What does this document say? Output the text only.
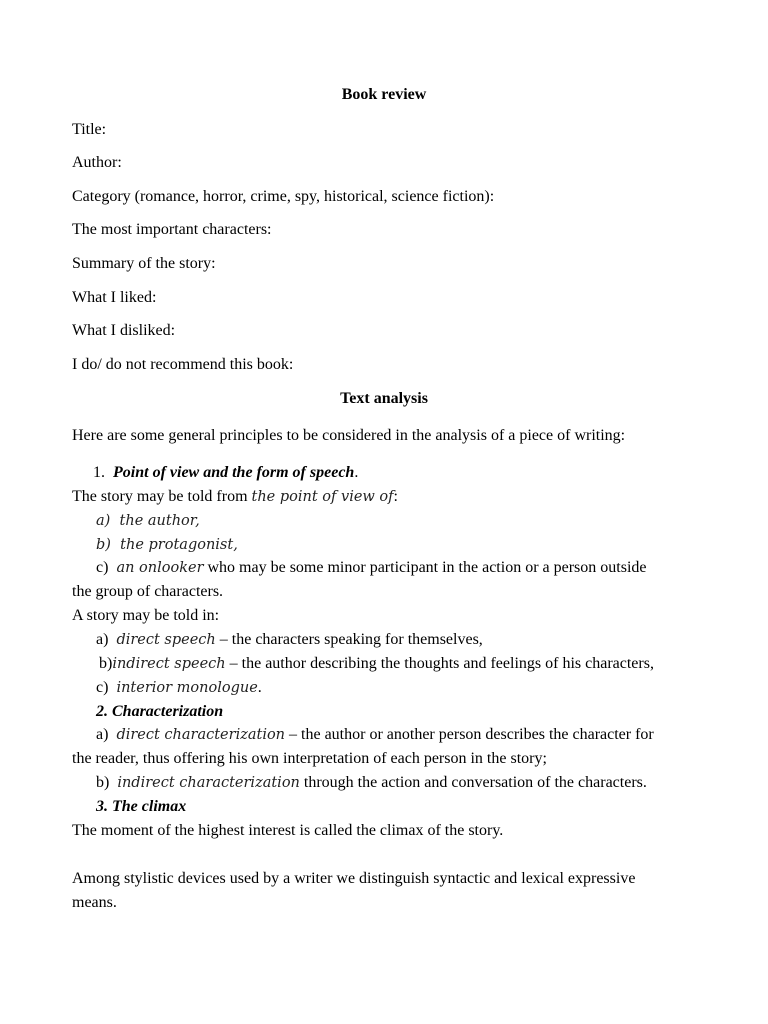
Book review
Title:
Author:
Category (romance, horror, crime, spy, historical, science fiction):
The most important characters:
Summary of the story:
What I liked:
What I disliked:
I do/ do not recommend this book:
Text analysis
Here are some general principles to be considered in the analysis of a piece of writing:
1. Point of view and the form of speech.
The story may be told from the point of view of:
a) the author,
b) the protagonist,
c) an onlooker who may be some minor participant in the action or a person outside
the group of characters.
A story may be told in:
a) direct speech – the characters speaking for themselves,
b)indirect speech – the author describing the thoughts and feelings of his characters,
c) interior monologue.
2. Characterization
a) direct characterization – the author or another person describes the character for
the reader, thus offering his own interpretation of each person in the story;
b) indirect characterization through the action and conversation of the characters.
3. The climax
The moment of the highest interest is called the climax of the story.
Among stylistic devices used by a writer we distinguish syntactic and lexical expressive
means.
